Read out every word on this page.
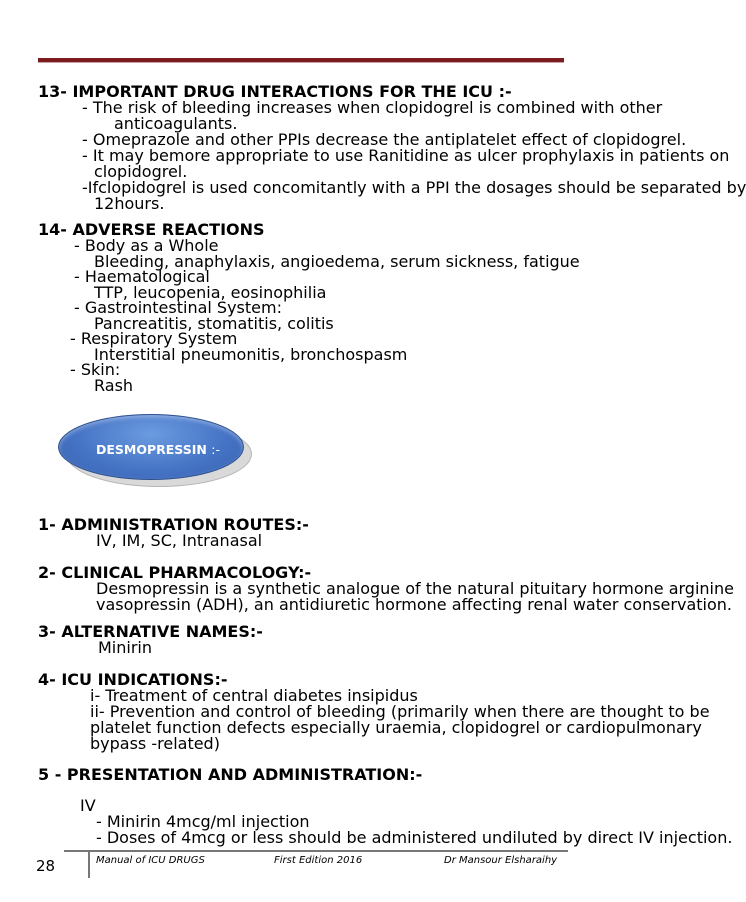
13- IMPORTANT DRUG INTERACTIONS FOR THE ICU :-
- The risk of bleeding increases when clopidogrel is combined with other
anticoagulants.
- Omeprazole and other PPIs decrease the antiplatelet effect of clopidogrel.
- It may bemore appropriate to use Ranitidine as ulcer prophylaxis in patients on
clopidogrel.
-Ifclopidogrel is used concomitantly with a PPI the dosages should be separated by
12hours.
14- ADVERSE REACTIONS
- Body as a Whole
Bleeding, anaphylaxis, angioedema, serum sickness, fatigue
- Haematological
TTP, leucopenia, eosinophilia
- Gastrointestinal System:
Pancreatitis, stomatitis, colitis
- Respiratory System
Interstitial pneumonitis, bronchospasm
- Skin:
Rash
DESMOPRESSIN :-
1- ADMINISTRATION ROUTES:-
IV, IM, SC, Intranasal
2- CLINICAL PHARMACOLOGY:-
Desmopressin is a synthetic analogue of the natural pituitary hormone arginine
vasopressin (ADH), an antidiuretic hormone affecting renal water conservation.
3- ALTERNATIVE NAMES:-
Minirin
4- ICU INDICATIONS:-
i- Treatment of central diabetes insipidus
ii- Prevention and control of bleeding (primarily when there are thought to be
platelet function defects especially uraemia, clopidogrel or cardiopulmonary
bypass -related)
5 - PRESENTATION AND ADMINISTRATION:-
IV
- Minirin 4mcg/ml injection
- Doses of 4mcg or less should be administered undiluted by direct IV injection.
28	Manual of ICU DRUGS	First Edition 2016	Dr Mansour Elsharaihy
